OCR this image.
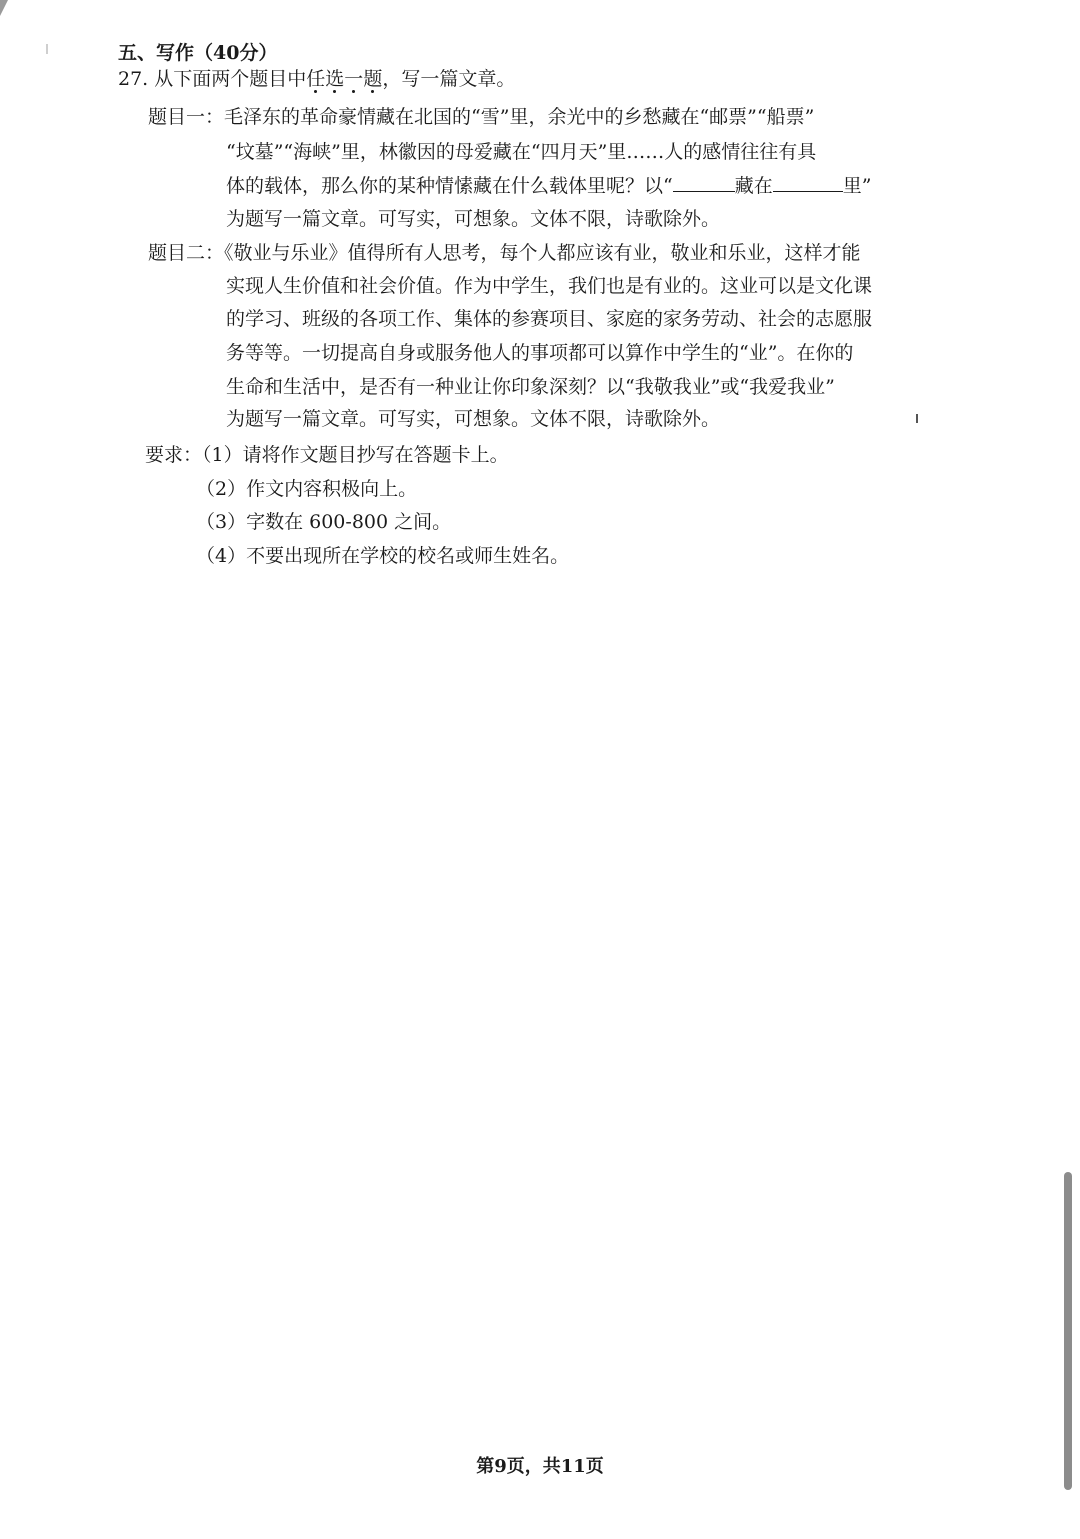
五、写作（40分）
27. 从下面两个题目中任选一题，写一篇文章。
题目一：毛泽东的革命豪情藏在北国的“雪”里，余光中的乡愁藏在“邮票”“船票”
“坟墓”“海峡”里，林徽因的母爱藏在“四月天”里……人的感情往往有具
体的载体，那么你的某种情愫藏在什么载体里呢？以“	藏在	里”
为题写一篇文章。可写实，可想象。文体不限，诗歌除外。
题目二：《敬业与乐业》值得所有人思考，每个人都应该有业，敬业和乐业，这样才能
实现人生价值和社会价值。作为中学生，我们也是有业的。这业可以是文化课
的学习、班级的各项工作、集体的参赛项目、家庭的家务劳动、社会的志愿服
务等等。一切提高自身或服务他人的事项都可以算作中学生的“业”。在你的
生命和生活中，是否有一种业让你印象深刻？以“我敬我业”或“我爱我业”
为题写一篇文章。可写实，可想象。文体不限，诗歌除外。
要求：（1）请将作文题目抄写在答题卡上。
（2）作文内容积极向上。
（3）字数在 600-800 之间。
（4）不要出现所在学校的校名或师生姓名。
第9页，共11页
